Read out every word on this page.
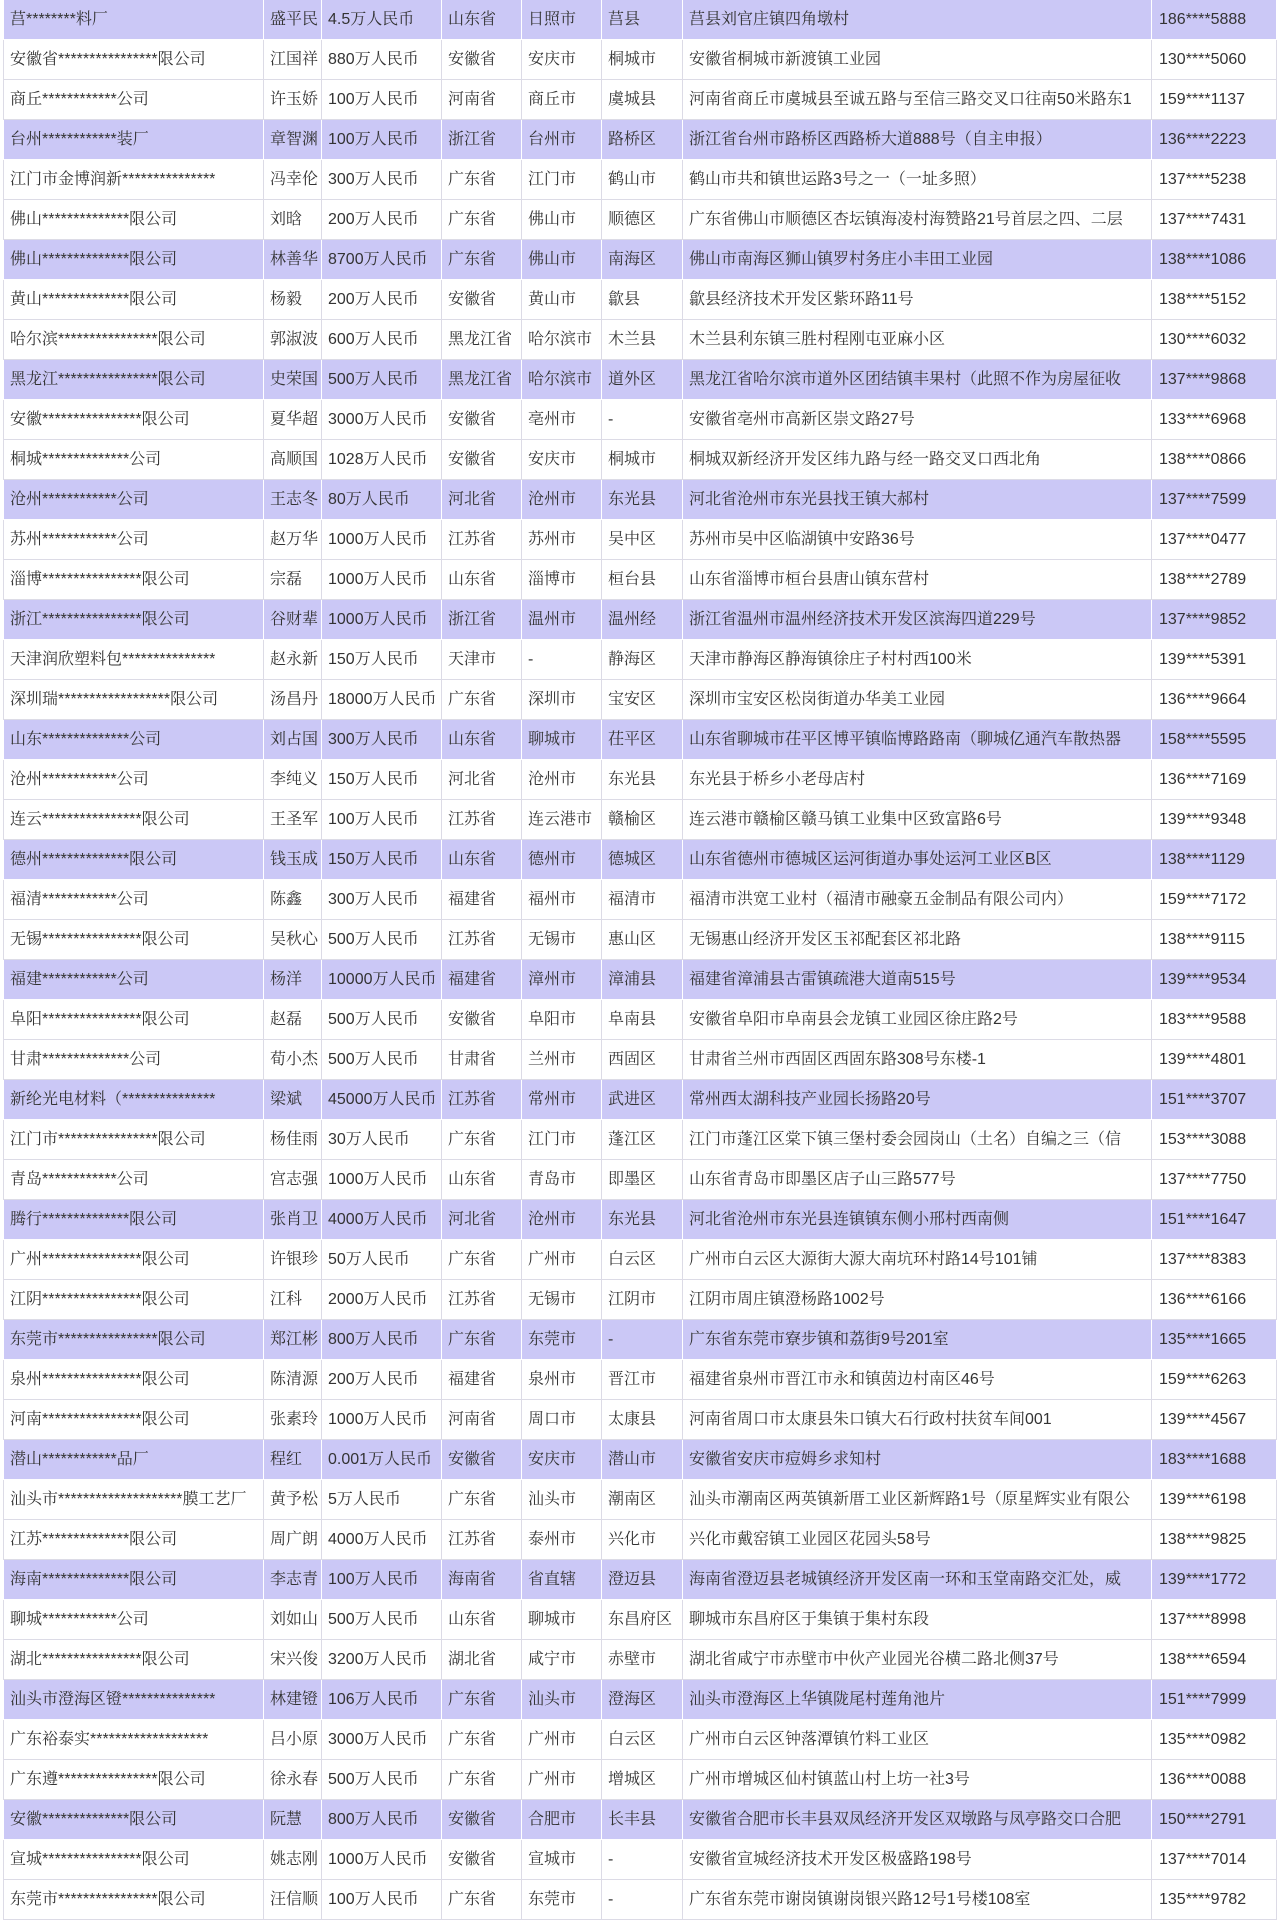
莒********料厂	盛平民 4.5万人民币	山东省	日照市	莒县	莒县刘官庄镇四角墩村	186****5888
安徽省****************限公司	江国祥 880万人民币	安徽省	安庆市	桐城市	安徽省桐城市新渡镇工业园	130****5060
商丘************公司	许玉娇 100万人民币	河南省	商丘市	虞城县	河南省商丘市虞城县至诚五路与至信三路交叉口往南50米路东1	159****1137
台州************装厂	章智渊 100万人民币	浙江省	台州市	路桥区	浙江省台州市路桥区西路桥大道888号（自主申报）	136****2223
江门市金博润新***************	冯幸伦 300万人民币	广东省	江门市	鹤山市	鹤山市共和镇世运路3号之一（一址多照）	137****5238
佛山**************限公司	刘晗	200万人民币	广东省	佛山市	顺德区	广东省佛山市顺德区杏坛镇海凌村海赞路21号首层之四、二层	137****7431
佛山**************限公司	林善华 8700万人民币	广东省	佛山市	南海区	佛山市南海区狮山镇罗村务庄小丰田工业园	138****1086
黄山**************限公司	杨毅	200万人民币	安徽省	黄山市	歙县	歙县经济技术开发区紫环路11号	138****5152
哈尔滨****************限公司	郭淑波 600万人民币	黑龙江省 哈尔滨市 木兰县	木兰县利东镇三胜村程刚屯亚麻小区	130****6032
黑龙江****************限公司	史荣国 500万人民币	黑龙江省 哈尔滨市 道外区	黑龙江省哈尔滨市道外区团结镇丰果村（此照不作为房屋征收	137****9868
安徽****************限公司	夏华超 3000万人民币	安徽省	亳州市	-	安徽省亳州市高新区崇文路27号	133****6968
桐城**************公司	高顺国 1028万人民币	安徽省	安庆市	桐城市	桐城双新经济开发区纬九路与经一路交叉口西北角	138****0866
沧州************公司	王志冬 80万人民币	河北省	沧州市	东光县	河北省沧州市东光县找王镇大郝村	137****7599
苏州************公司	赵万华 1000万人民币	江苏省	苏州市	吴中区	苏州市吴中区临湖镇中安路36号	137****0477
淄博****************限公司	宗磊	1000万人民币	山东省	淄博市	桓台县	山东省淄博市桓台县唐山镇东营村	138****2789
浙江****************限公司	谷财辈 1000万人民币	浙江省	温州市	温州经	浙江省温州市温州经济技术开发区滨海四道229号	137****9852
天津润欣塑料包***************	赵永新 150万人民币	天津市	-	静海区	天津市静海区静海镇徐庄子村村西100米	139****5391
深圳瑞******************限公司	汤昌丹 18000万人民币 广东省	深圳市	宝安区	深圳市宝安区松岗街道办华美工业园	136****9664
山东**************公司	刘占国 300万人民币	山东省	聊城市	茌平区	山东省聊城市茌平区博平镇临博路路南（聊城亿通汽车散热器	158****5595
沧州************公司	李纯义 150万人民币	河北省	沧州市	东光县	东光县于桥乡小老母店村	136****7169
连云****************限公司	王圣军 100万人民币	江苏省	连云港市 赣榆区	连云港市赣榆区赣马镇工业集中区致富路6号	139****9348
德州**************限公司	钱玉成 150万人民币	山东省	德州市	德城区	山东省德州市德城区运河街道办事处运河工业区B区	138****1129
福清************公司	陈鑫	300万人民币	福建省	福州市	福清市	福清市洪宽工业村（福清市融豪五金制品有限公司内）	159****7172
无锡****************限公司	吴秋心 500万人民币	江苏省	无锡市	惠山区	无锡惠山经济开发区玉祁配套区祁北路	138****9115
福建************公司	杨洋	10000万人民币 福建省	漳州市	漳浦县	福建省漳浦县古雷镇疏港大道南515号	139****9534
阜阳****************限公司	赵磊	500万人民币	安徽省	阜阳市	阜南县	安徽省阜阳市阜南县会龙镇工业园区徐庄路2号	183****9588
甘肃**************公司	荀小杰 500万人民币	甘肃省	兰州市	西固区	甘肃省兰州市西固区西固东路308号东楼-1	139****4801
新纶光电材料（***************	梁斌	45000万人民币 江苏省	常州市	武进区	常州西太湖科技产业园长扬路20号	151****3707
江门市****************限公司	杨佳雨 30万人民币	广东省	江门市	蓬江区	江门市蓬江区棠下镇三堡村委会园岗山（土名）自编之三（信	153****3088
青岛************公司	宫志强 1000万人民币	山东省	青岛市	即墨区	山东省青岛市即墨区店子山三路577号	137****7750
腾行**************限公司	张肖卫 4000万人民币	河北省	沧州市	东光县	河北省沧州市东光县连镇镇东侧小邢村西南侧	151****1647
广州****************限公司	许银珍 50万人民币	广东省	广州市	白云区	广州市白云区大源街大源大南坑环村路14号101铺	137****8383
江阴****************限公司	江科	2000万人民币	江苏省	无锡市	江阴市	江阴市周庄镇澄杨路1002号	136****6166
东莞市****************限公司	郑江彬 800万人民币	广东省	东莞市	-	广东省东莞市寮步镇和荔街9号201室	135****1665
泉州****************限公司	陈清源 200万人民币	福建省	泉州市	晋江市	福建省泉州市晋江市永和镇茵边村南区46号	159****6263
河南****************限公司	张素玲 1000万人民币	河南省	周口市	太康县	河南省周口市太康县朱口镇大石行政村扶贫车间001	139****4567
潜山************品厂	程红	0.001万人民币 安徽省	安庆市	潜山市	安徽省安庆市痘姆乡求知村	183****1688
汕头市********************膜工艺厂	黄予松 5万人民币	广东省	汕头市	潮南区	汕头市潮南区两英镇新厝工业区新辉路1号（原星辉实业有限公	139****6198
江苏**************限公司	周广朗 4000万人民币	江苏省	泰州市	兴化市	兴化市戴窑镇工业园区花园头58号	138****9825
海南**************限公司	李志青 100万人民币	海南省	省直辖	澄迈县	海南省澄迈县老城镇经济开发区南一环和玉堂南路交汇处，威	139****1772
聊城************公司	刘如山 500万人民币	山东省	聊城市	东昌府区	聊城市东昌府区于集镇于集村东段	137****8998
湖北****************限公司	宋兴俊 3200万人民币	湖北省	咸宁市	赤壁市	湖北省咸宁市赤壁市中伙产业园光谷横二路北侧37号	138****6594
汕头市澄海区镫***************	林建镫 106万人民币	广东省	汕头市	澄海区	汕头市澄海区上华镇陇尾村莲角池片	151****7999
广东裕泰实*******************	吕小原 3000万人民币	广东省	广州市	白云区	广州市白云区钟落潭镇竹料工业区	135****0982
广东遵****************限公司	徐永春 500万人民币	广东省	广州市	增城区	广州市增城区仙村镇蓝山村上坊一社3号	136****0088
安徽**************限公司	阮慧	800万人民币	安徽省	合肥市	长丰县	安徽省合肥市长丰县双凤经济开发区双墩路与凤亭路交口合肥	150****2791
宣城****************限公司	姚志刚 1000万人民币	安徽省	宣城市	-	安徽省宣城经济技术开发区极盛路198号	137****7014
东莞市****************限公司	汪信顺 100万人民币	广东省	东莞市	-	广东省东莞市谢岗镇谢岗银兴路12号1号楼108室	135****9782
